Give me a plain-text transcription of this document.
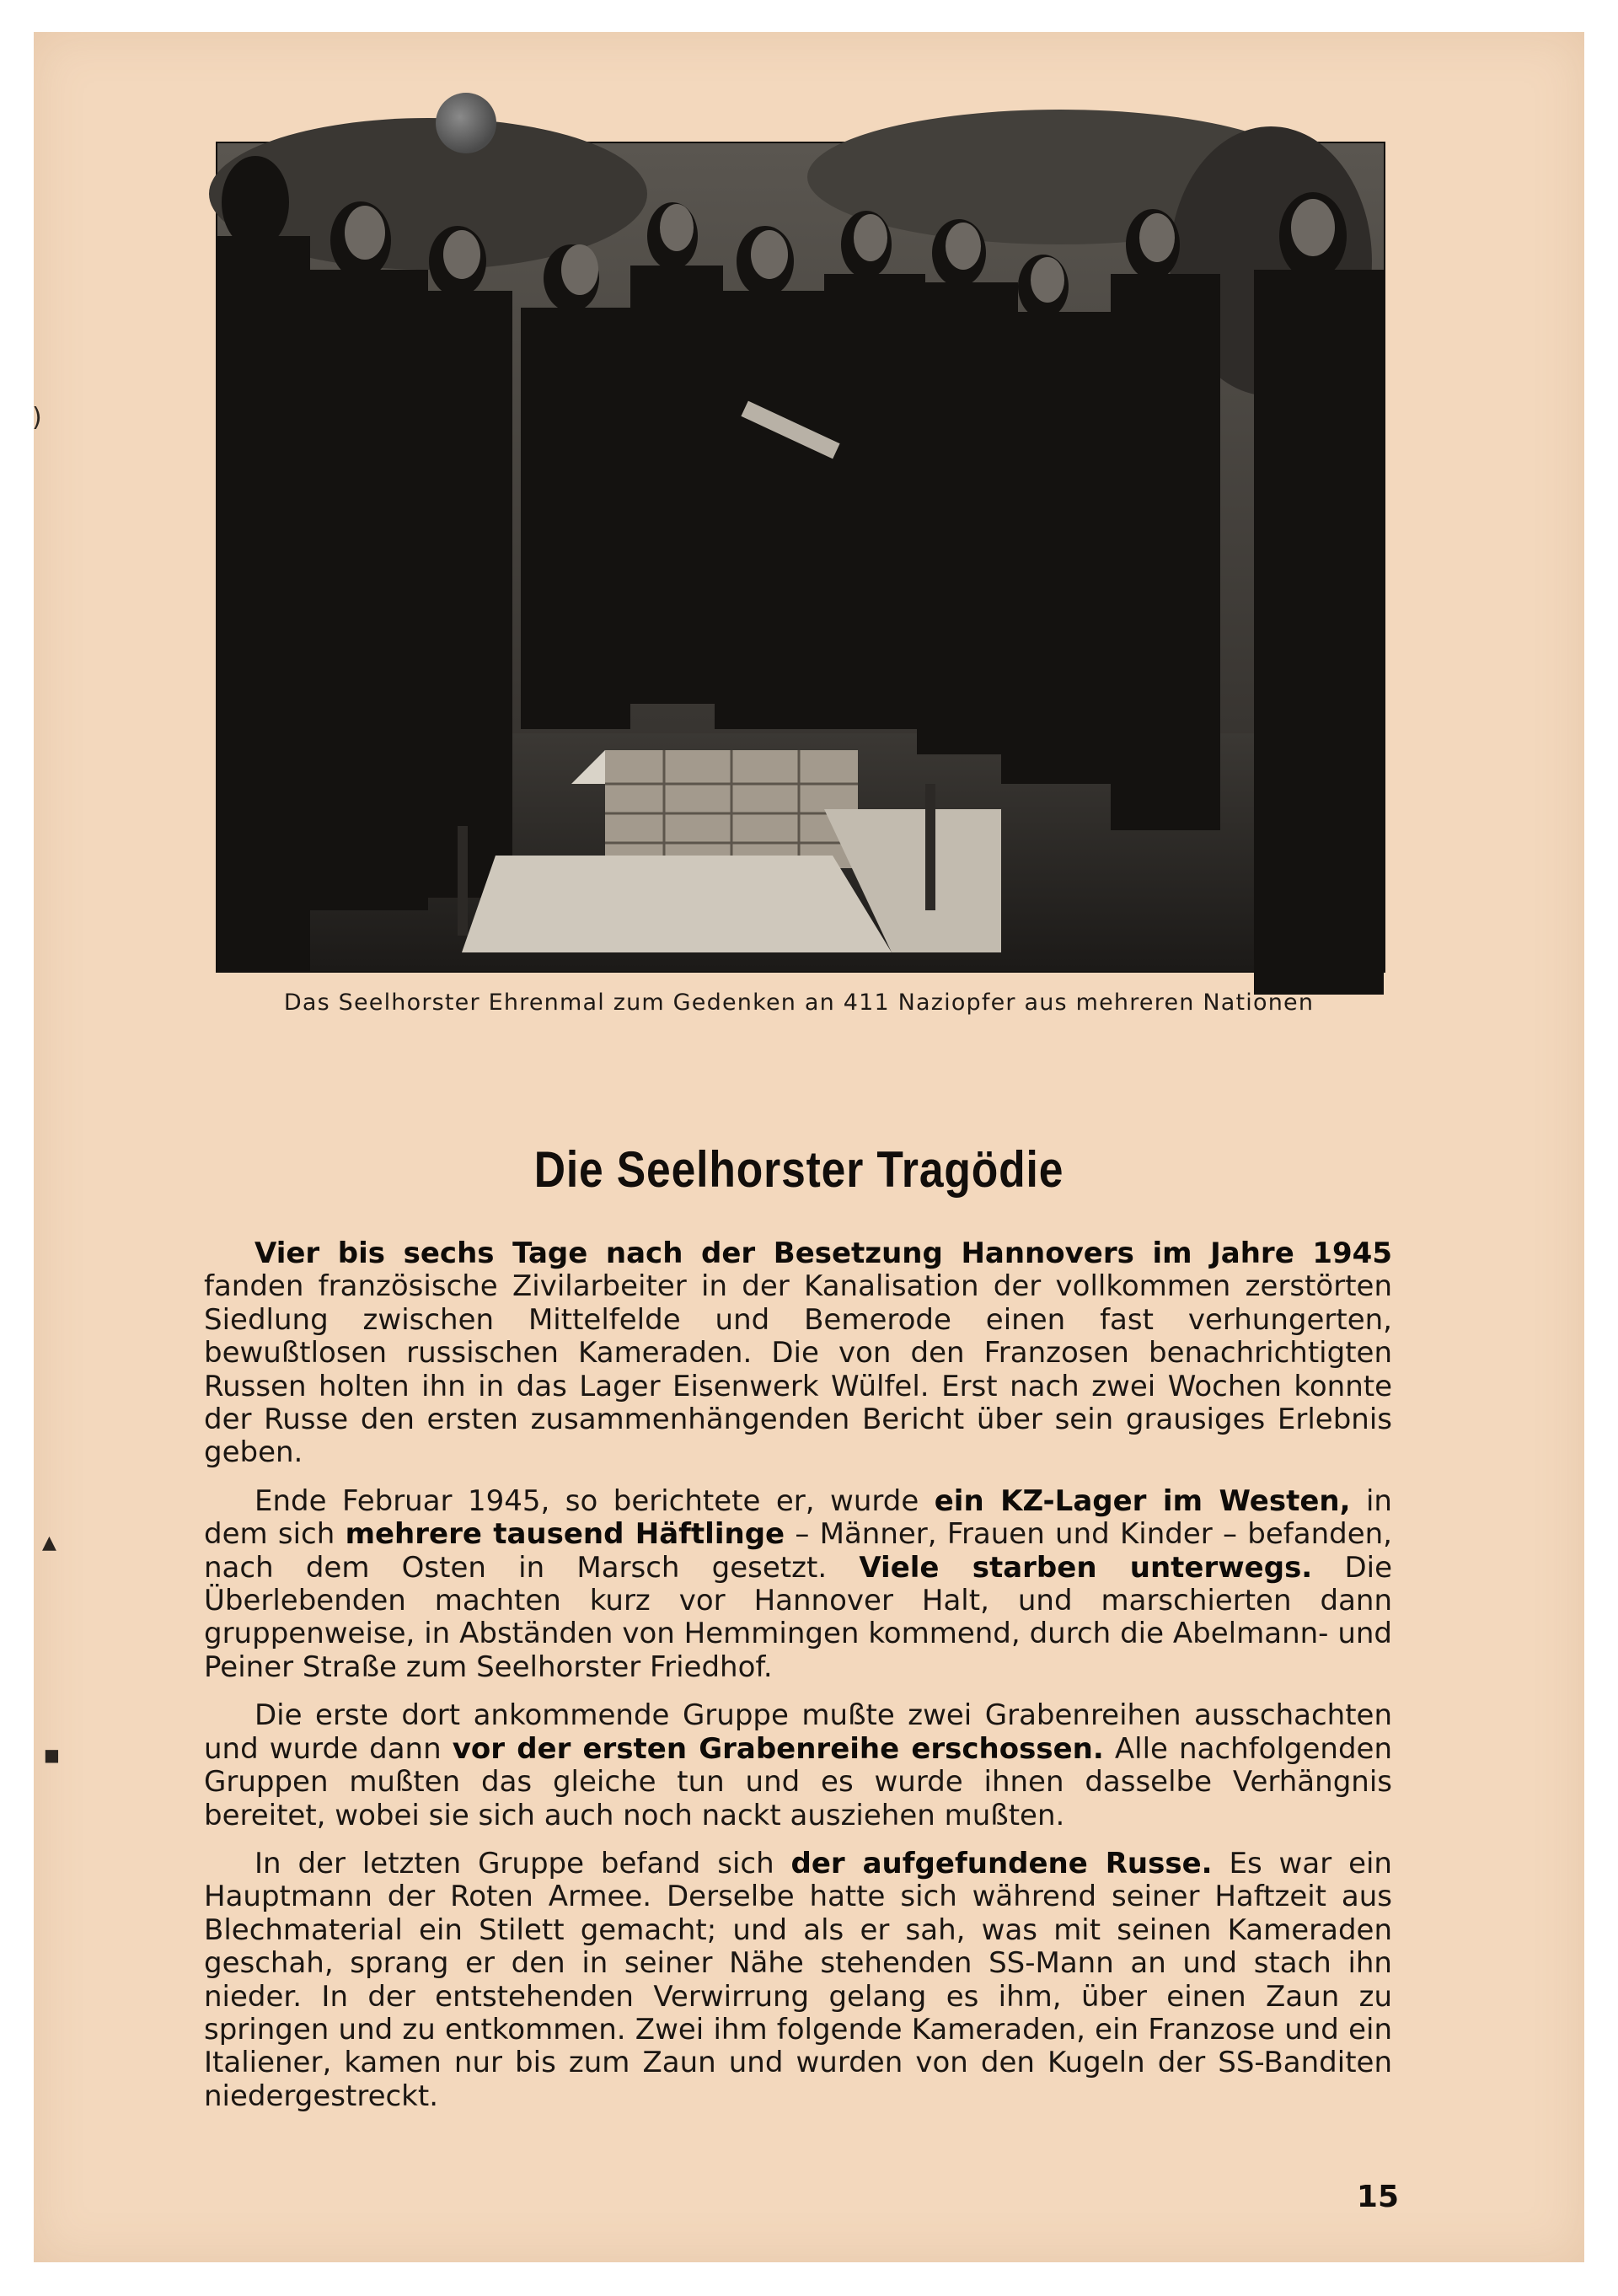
)
▲
■
Das Seelhorster Ehrenmal zum Gedenken an 411 Naziopfer aus mehreren Nationen
Die Seelhorster Tragödie

Vier bis sechs Tage nach der Besetzung Hannovers im Jahre 1945 fanden französische Zivilarbeiter in der Kanalisation der vollkommen zerstörten Siedlung zwischen Mittelfelde und Bemerode einen fast verhungerten, bewußtlosen russischen Kameraden. Die von den Franzosen benachrichtigten Russen holten ihn in das Lager Eisenwerk Wülfel. Erst nach zwei Wochen konnte der Russe den ersten zusammenhängenden Bericht über sein grausiges Erlebnis geben.

Ende Februar 1945, so berichtete er, wurde ein KZ-Lager im Westen, in dem sich mehrere tausend Häftlinge – Männer, Frauen und Kinder – befanden, nach dem Osten in Marsch gesetzt. Viele starben unterwegs. Die Überlebenden machten kurz vor Hannover Halt, und marschierten dann gruppenweise, in Abständen von Hemmingen kommend, durch die Abelmann- und Peiner Straße zum Seelhorster Friedhof.

Die erste dort ankommende Gruppe mußte zwei Grabenreihen ausschachten und wurde dann vor der ersten Grabenreihe erschossen. Alle nachfolgenden Gruppen mußten das gleiche tun und es wurde ihnen dasselbe Verhängnis bereitet, wobei sie sich auch noch nackt ausziehen mußten.

In der letzten Gruppe befand sich der aufgefundene Russe. Es war ein Hauptmann der Roten Armee. Derselbe hatte sich während seiner Haftzeit aus Blechmaterial ein Stilett gemacht; und als er sah, was mit seinen Kameraden geschah, sprang er den in seiner Nähe stehenden SS-Mann an und stach ihn nieder. In der entstehenden Verwirrung gelang es ihm, über einen Zaun zu springen und zu entkommen. Zwei ihm folgende Kameraden, ein Franzose und ein Italiener, kamen nur bis zum Zaun und wurden von den Kugeln der SS-Banditen niedergestreckt.

15
